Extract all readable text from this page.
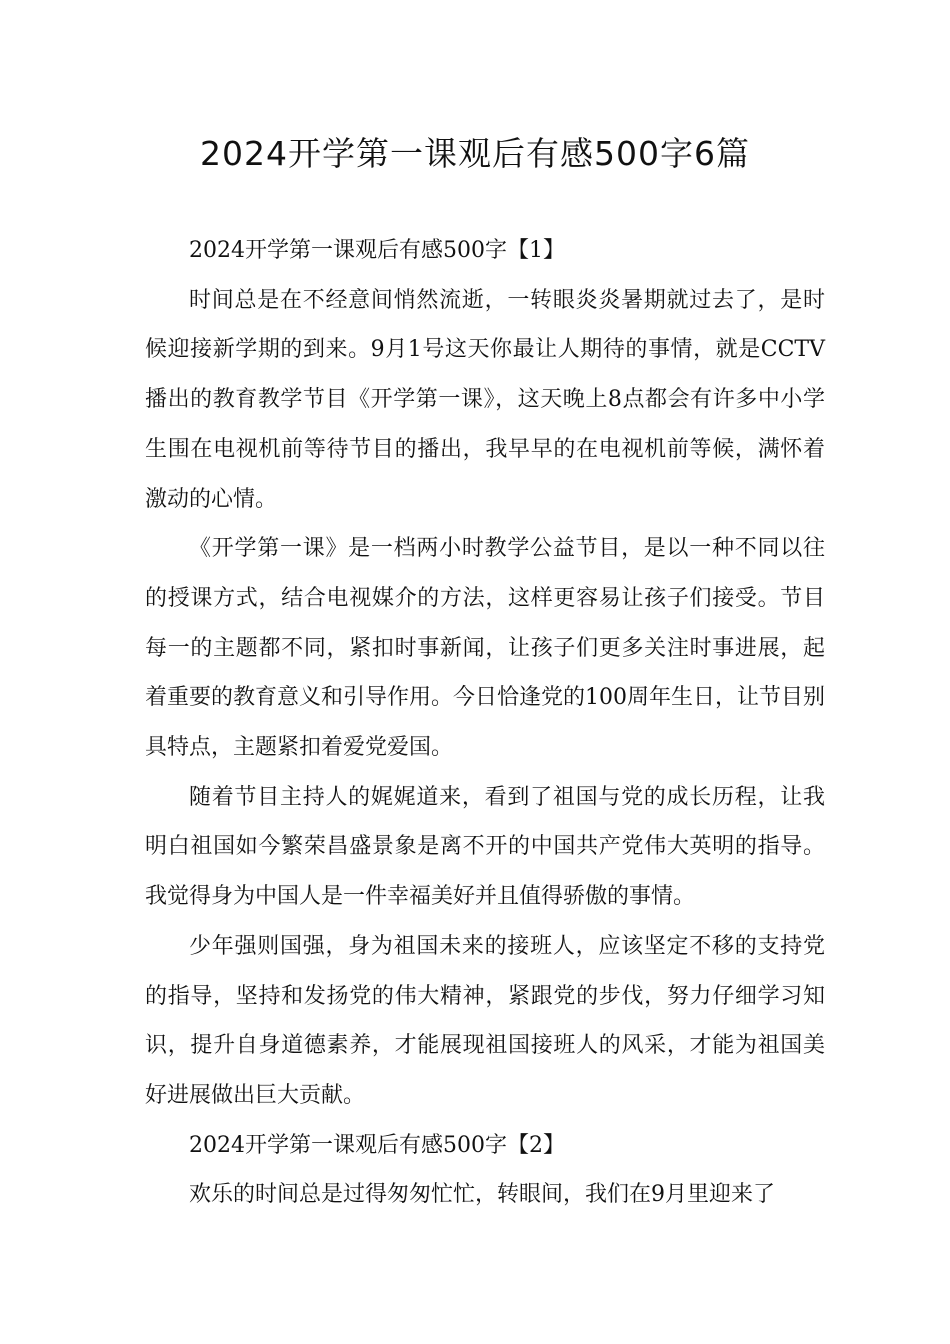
2024开学第一课观后有感500字6篇

2024开学第一课观后有感500字【1】

时间总是在不经意间悄然流逝，一转眼炎炎暑期就过去了，是时候迎接新学期的到来。9月1号这天你最让人期待的事情，就是CCTV播出的教育教学节目《开学第一课》，这天晚上8点都会有许多中小学生围在电视机前等待节目的播出，我早早的在电视机前等候，满怀着激动的心情。

《开学第一课》是一档两小时教学公益节目，是以一种不同以往的授课方式，结合电视媒介的方法，这样更容易让孩子们接受。节目每一的主题都不同，紧扣时事新闻，让孩子们更多关注时事进展，起着重要的教育意义和引导作用。今日恰逢党的100周年生日，让节目别具特点，主题紧扣着爱党爱国。

随着节目主持人的娓娓道来，看到了祖国与党的成长历程，让我明白祖国如今繁荣昌盛景象是离不开的中国共产党伟大英明的指导。我觉得身为中国人是一件幸福美好并且值得骄傲的事情。

少年强则国强，身为祖国未来的接班人，应该坚定不移的支持党的指导，坚持和发扬党的伟大精神，紧跟党的步伐，努力仔细学习知识，提升自身道德素养，才能展现祖国接班人的风采，才能为祖国美好进展做出巨大贡献。

2024开学第一课观后有感500字【2】

欢乐的时间总是过得匆匆忙忙，转眼间，我们在9月里迎来了
